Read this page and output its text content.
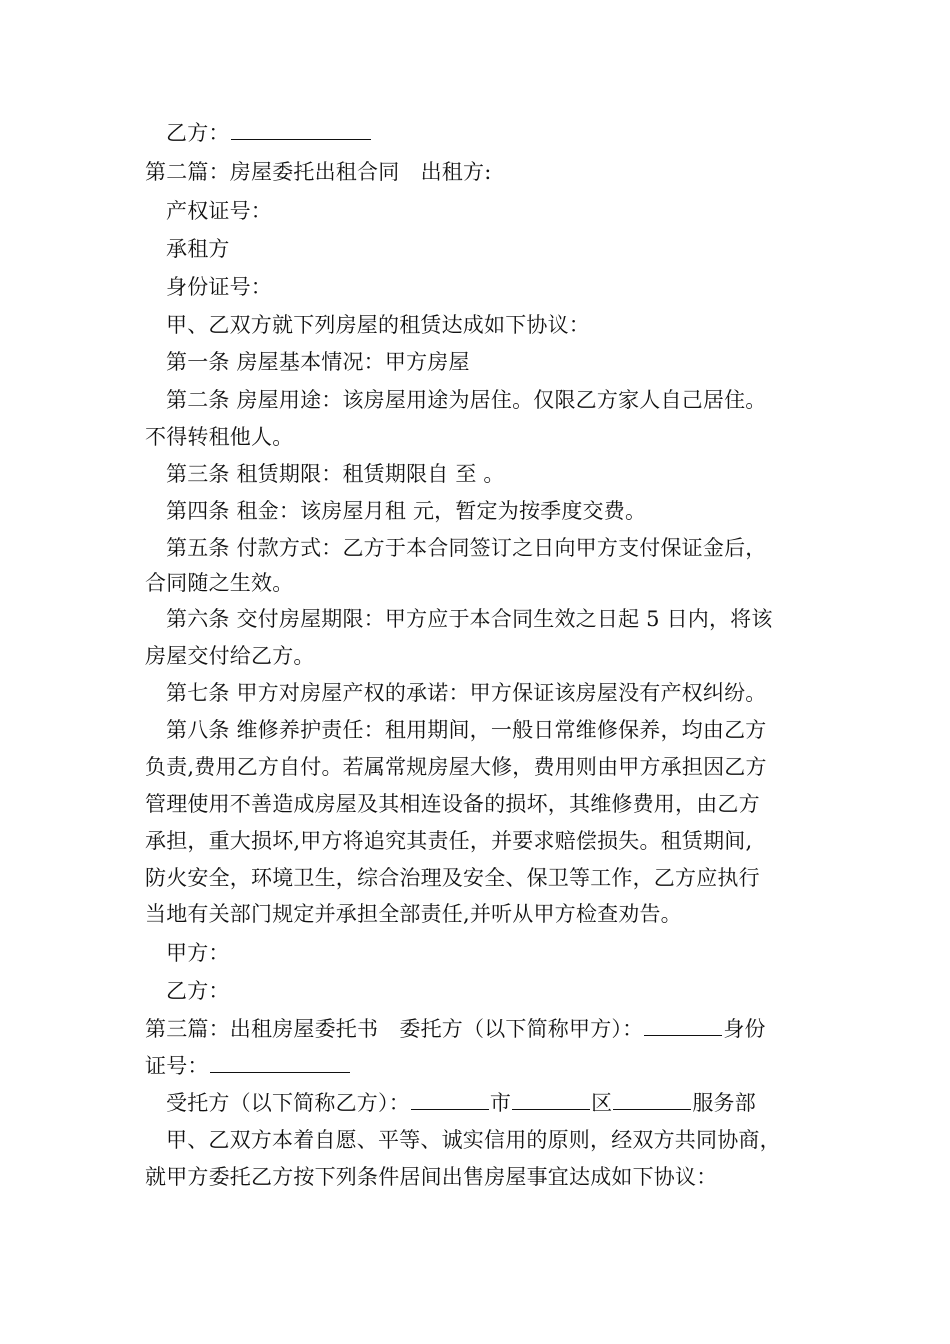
乙方：
第二篇：房屋委托出租合同　出租方:
产权证号：
承租方
身份证号：
甲、乙双方就下列房屋的租赁达成如下协议：
第一条 房屋基本情况：甲方房屋
第二条 房屋用途：该房屋用途为居住。仅限乙方家人自己居住。
不得转租他人。
第三条 租赁期限：租赁期限自 至 。
第四条 租金：该房屋月租 元，暂定为按季度交费。
第五条 付款方式：乙方于本合同签订之日向甲方支付保证金后，
合同随之生效。
第六条 交付房屋期限：甲方应于本合同生效之日起 5 日内，将该
房屋交付给乙方。
第七条 甲方对房屋产权的承诺：甲方保证该房屋没有产权纠纷。
第八条 维修养护责任：租用期间，一般日常维修保养，均由乙方
负责,费用乙方自付。若属常规房屋大修，费用则由甲方承担因乙方
管理使用不善造成房屋及其相连设备的损坏，其维修费用，由乙方
承担，重大损坏,甲方将追究其责任，并要求赔偿损失。租赁期间,
防火安全，环境卫生，综合治理及安全、保卫等工作，乙方应执行
当地有关部门规定并承担全部责任,并听从甲方检查劝告。
甲方：
乙方：
第三篇：出租房屋委托书　委托方（以下简称甲方）：	身份
证号：
受托方（以下简称乙方）：	市	区	服务部
甲、乙双方本着自愿、平等、诚实信用的原则，经双方共同协商，
就甲方委托乙方按下列条件居间出售房屋事宜达成如下协议：
